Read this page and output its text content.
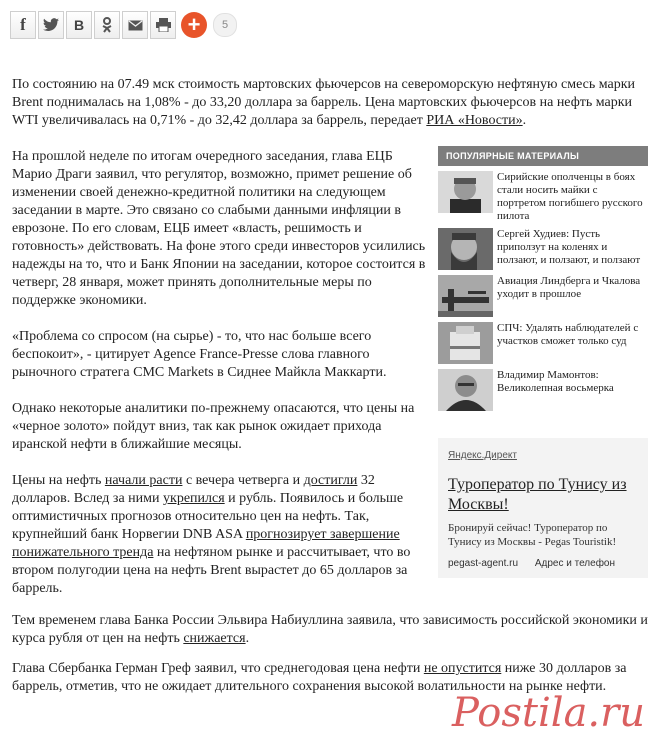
f	B	+	5

По состоянию на 07.49 мск стоимость мартовских фьючерсов на североморскую нефтяную смесь марки Brent поднималась на 1,08% - до 33,20 доллара за баррель. Цена мартовских фьючерсов на нефть марки WTI увеличивалась на 0,71% - до 32,42 доллара за баррель, передает РИА «Новости».

На прошлой неделе по итогам очередного заседания, глава ЕЦБ Марио Драги заявил, что регулятор, возможно, примет решение об изменении своей денежно-кредитной политики на следующем заседании в марте. Это связано со слабыми данными инфляции в еврозоне. По его словам, ЕЦБ имеет «власть, решимость и готовность» действовать. На фоне этого среди инвесторов усилились надежды на то, что и Банк Японии на заседании, которое состоится в четверг, 28 января, может принять дополнительные меры по поддержке экономики.

«Проблема со спросом (на сырье) - то, что нас больше всего беспокоит», - цитирует Agence France-Presse слова главного рыночного стратега CMC Markets в Сиднее Майкла Маккарти.

Однако некоторые аналитики по-прежнему опасаются, что цены на «черное золото» пойдут вниз, так как рынок ожидает прихода иранской нефти в ближайшие месяцы.

Цены на нефть начали расти с вечера четверга и достигли 32 долларов. Вслед за ними укрепился и рубль. Появилось и больше оптимистичных прогнозов относительно цен на нефть. Так, крупнейший банк Норвегии DNB ASA прогнозирует завершение понижательного тренда на нефтяном рынке и рассчитывает, что во втором полугодии цена на нефть Brent вырастет до 65 долларов за баррель.

Тем временем глава Банка России Эльвира Набиуллина заявила, что зависимость российской экономики и курса рубля от цен на нефть снижается.

Глава Сбербанка Герман Греф заявил, что среднегодовая цена нефти не опустится ниже 30 долларов за баррель, отметив, что не ожидает длительного сохранения высокой волатильности на рынке нефти.

ПОПУЛЯРНЫЕ МАТЕРИАЛЫ
Сирийские ополченцы в боях стали носить майки с портретом погибшего русского пилота
Сергей Худиев: Пусть приползут на коленях и ползают, и ползают, и ползают
Авиация Линдберга и Чкалова уходит в прошлое
СПЧ: Удалять наблюдателей с участков сможет только суд
Владимир Мамонтов: Великолепная восьмерка
Яндекс.Директ
Туроператор по Тунису из Москвы!
Бронируй сейчас! Туроператор по Тунису из Москвы - Pegas Touristik!
pegast-agent.ru Адрес и телефон
Postila.ru
